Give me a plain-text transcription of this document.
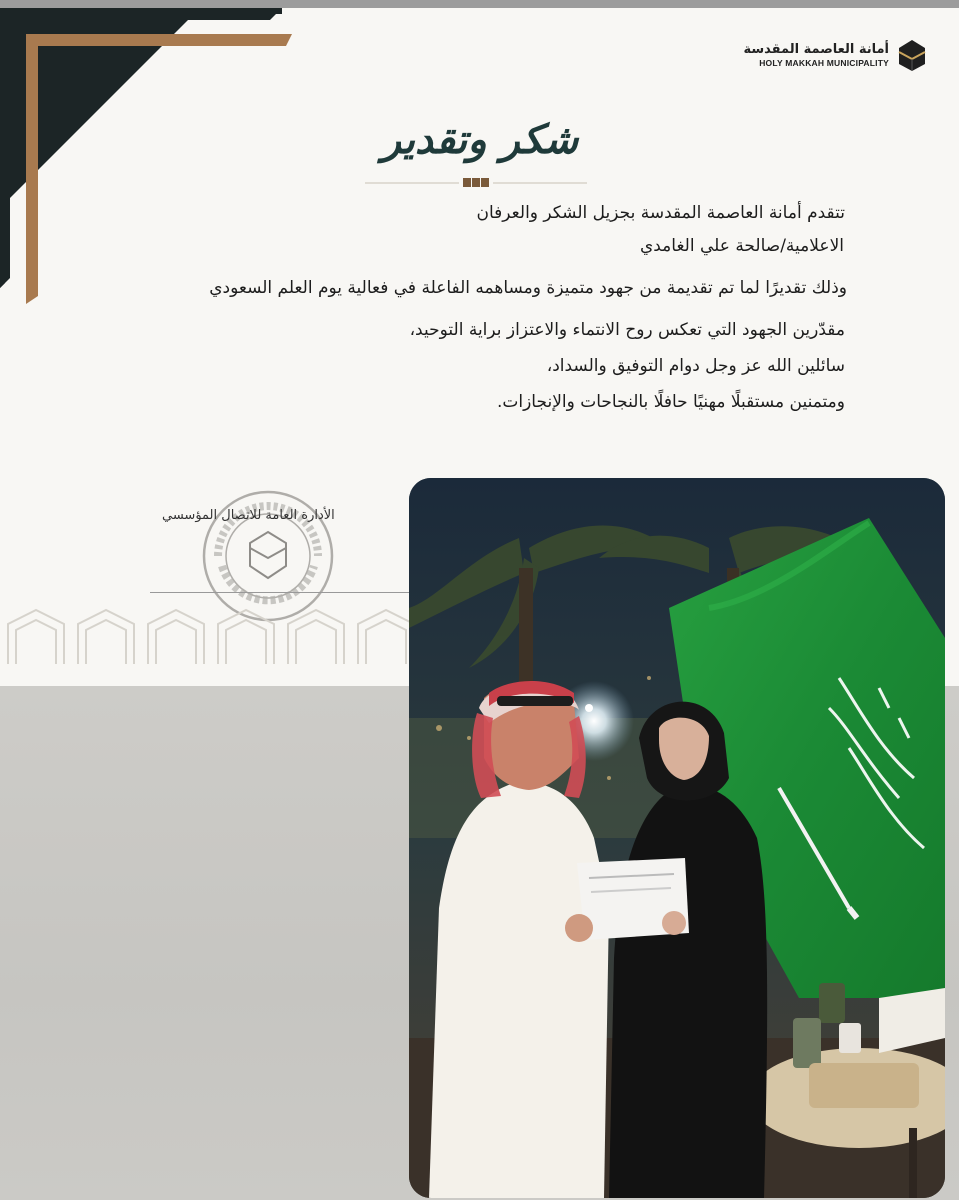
أمانة العاصمة المقدسة
HOLY MAKKAH MUNICIPALITY
شكر وتقدير
تتقدم أمانة العاصمة المقدسة بجزيل الشكر والعرفان
الاعلامية/صالحة علي الغامدي
وذلك تقديرًا لما تم تقديمة من جهود متميزة ومساهمه الفاعلة في فعالية يوم العلم السعودي
مقدّرين الجهود التي تعكس روح الانتماء والاعتزاز براية التوحيد،
سائلين الله عز وجل دوام التوفيق والسداد،
ومتمنين مستقبلًا مهنيًا حافلًا بالنجاحات والإنجازات.
الأدارة العامة للاتصال المؤسسي
